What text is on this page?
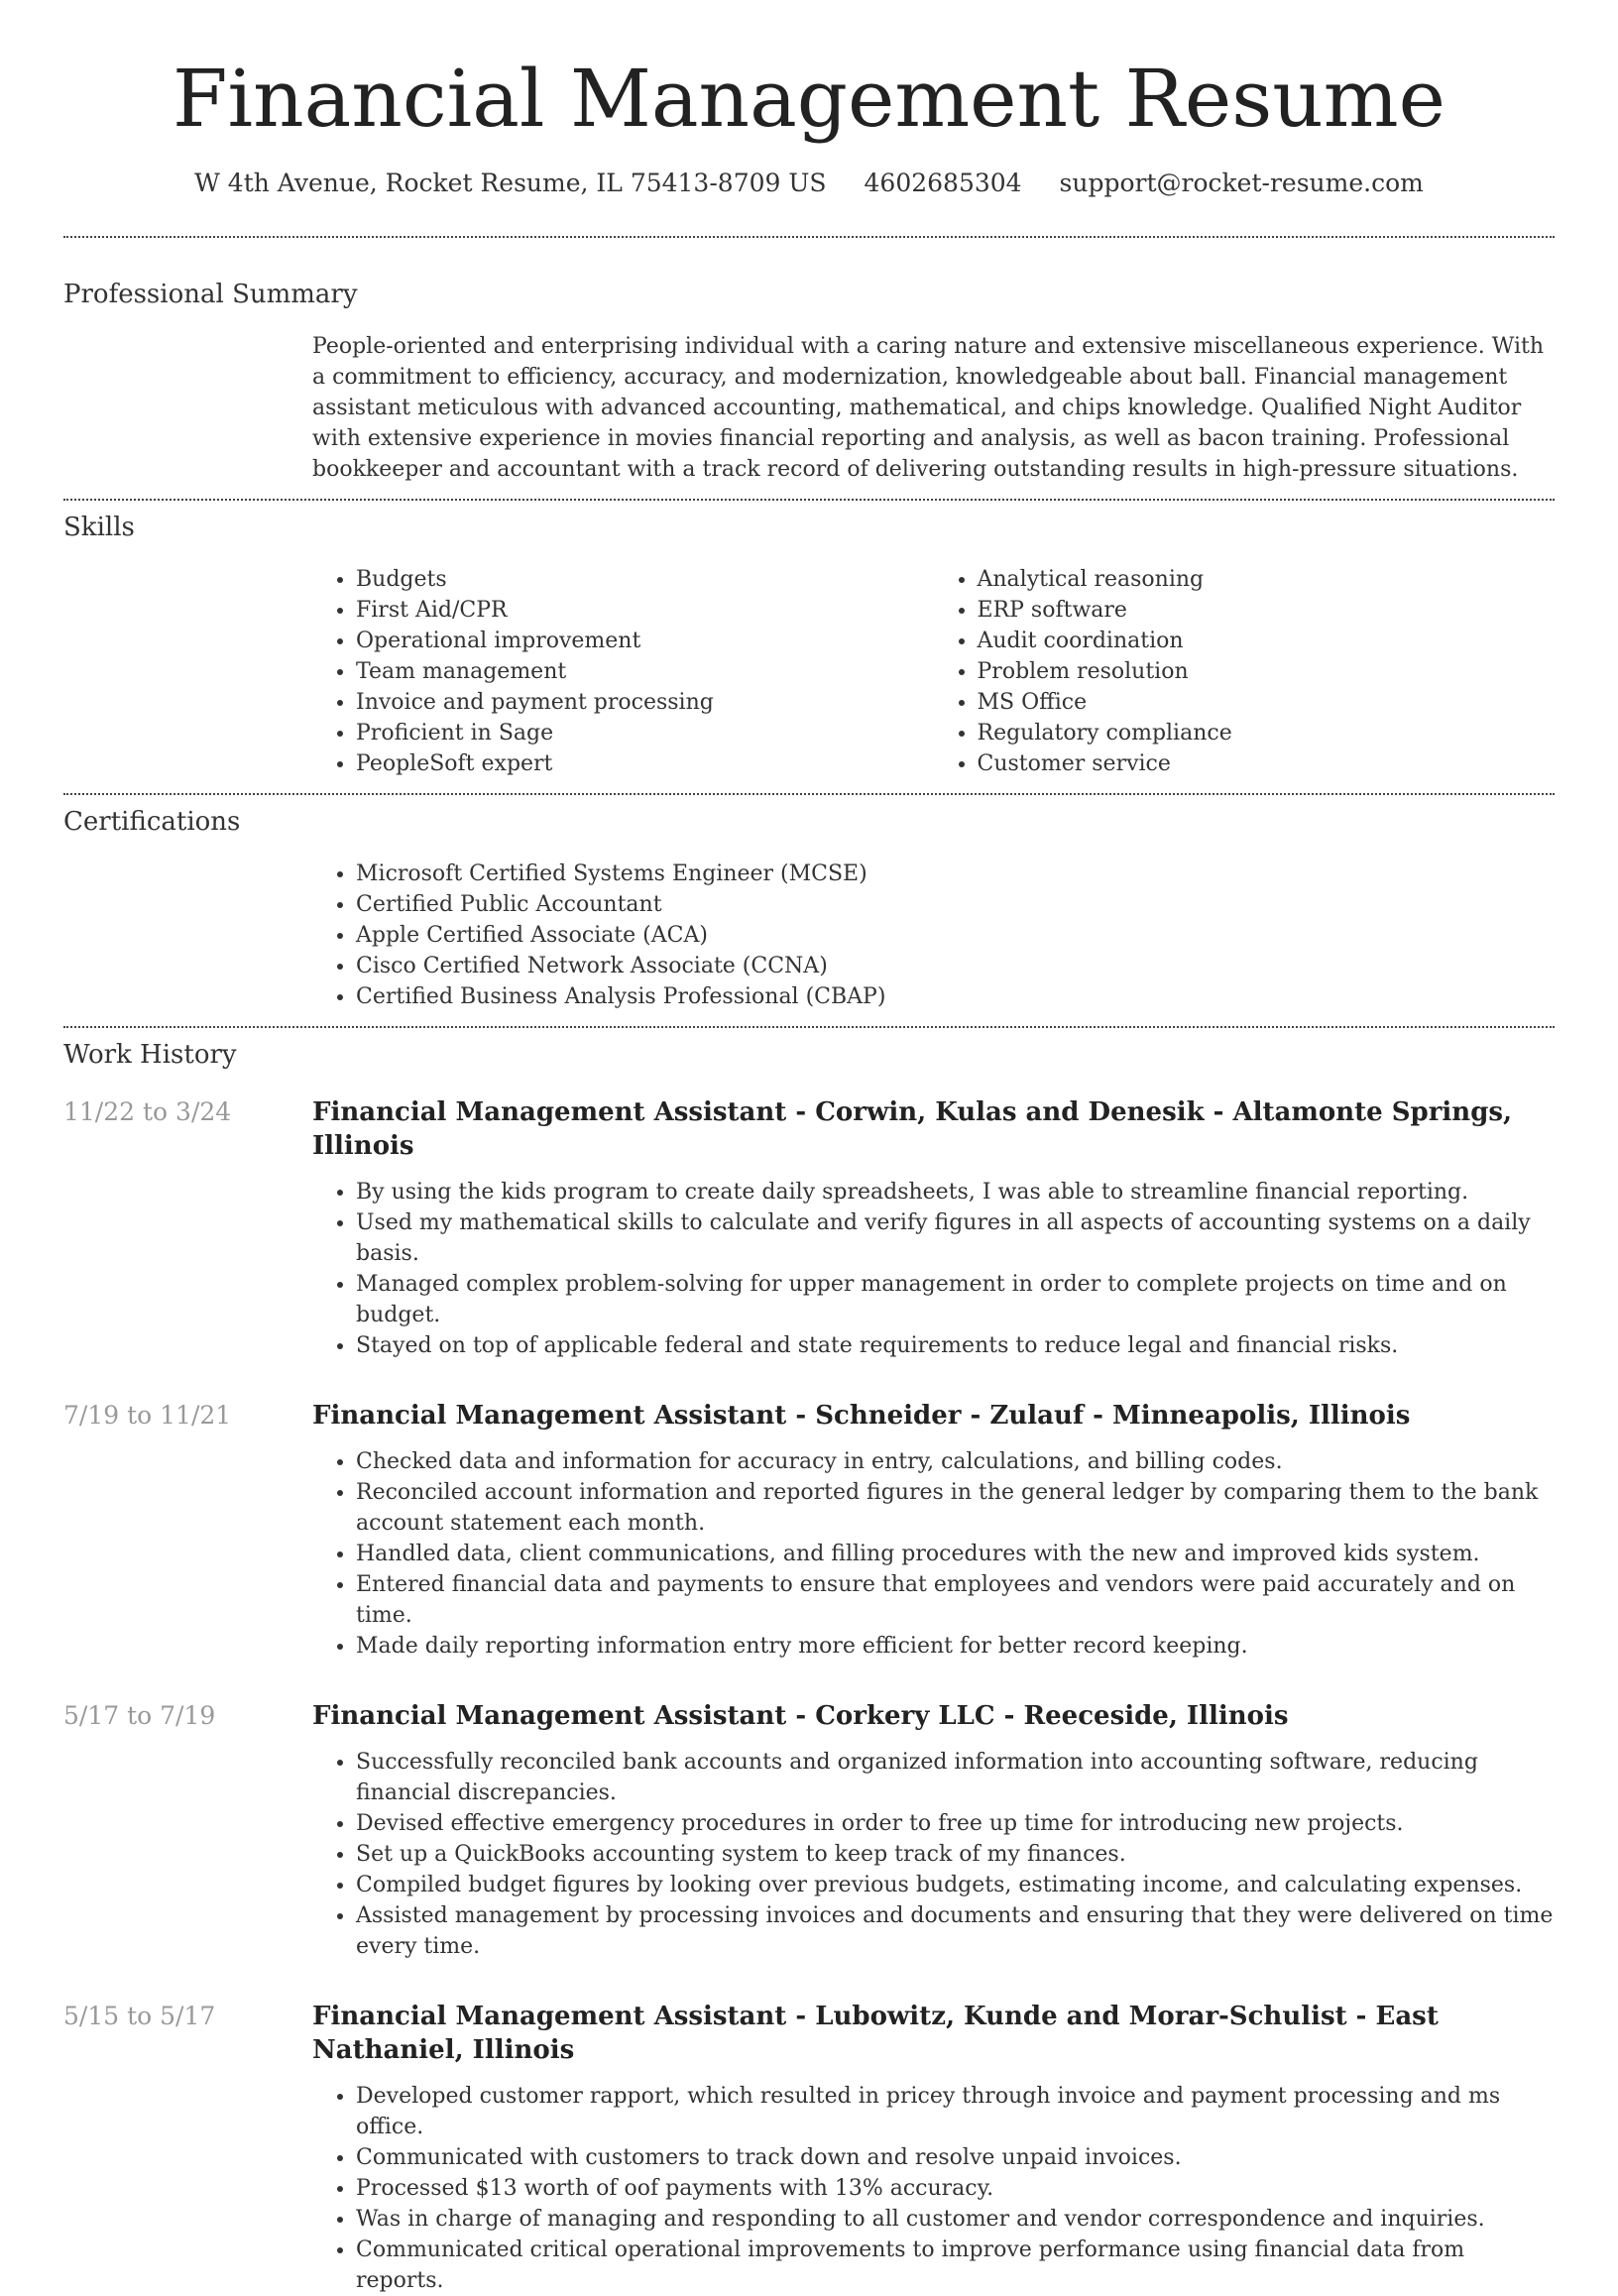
Financial Management Resume
W 4th Avenue, Rocket Resume, IL 75413-8709 US 4602685304 support@rocket-resume.com
Professional Summary

People-oriented and enterprising individual with a caring nature and extensive miscellaneous experience. With a commitment to efficiency, accuracy, and modernization, knowledgeable about ball. Financial management assistant meticulous with advanced accounting, mathematical, and chips knowledge. Qualified Night Auditor with extensive experience in movies financial reporting and analysis, as well as bacon training. Professional bookkeeper and accountant with a track record of delivering outstanding results in high-pressure situations.

Skills
• Budgets
• First Aid/CPR
• Operational improvement
• Team management
• Invoice and payment processing
• Proficient in Sage
• PeopleSoft expert
• Analytical reasoning
• ERP software
• Audit coordination
• Problem resolution
• MS Office
• Regulatory compliance
• Customer service
Certifications
• Microsoft Certified Systems Engineer (MCSE)
• Certified Public Accountant
• Apple Certified Associate (ACA)
• Cisco Certified Network Associate (CCNA)
• Certified Business Analysis Professional (CBAP)
Work History
11/22 to 3/24	Financial Management Assistant - Corwin, Kulas and Denesik - Altamonte Springs, Illinois
• By using the kids program to create daily spreadsheets, I was able to streamline financial reporting.
• Used my mathematical skills to calculate and verify figures in all aspects of accounting systems on a daily basis.
• Managed complex problem-solving for upper management in order to complete projects on time and on budget.
• Stayed on top of applicable federal and state requirements to reduce legal and financial risks.
7/19 to 11/21	Financial Management Assistant - Schneider - Zulauf - Minneapolis, Illinois
• Checked data and information for accuracy in entry, calculations, and billing codes.
• Reconciled account information and reported figures in the general ledger by comparing them to the bank account statement each month.
• Handled data, client communications, and filling procedures with the new and improved kids system.
• Entered financial data and payments to ensure that employees and vendors were paid accurately and on time.
• Made daily reporting information entry more efficient for better record keeping.
5/17 to 7/19	Financial Management Assistant - Corkery LLC - Reeceside, Illinois
• Successfully reconciled bank accounts and organized information into accounting software, reducing financial discrepancies.
• Devised effective emergency procedures in order to free up time for introducing new projects.
• Set up a QuickBooks accounting system to keep track of my finances.
• Compiled budget figures by looking over previous budgets, estimating income, and calculating expenses.
• Assisted management by processing invoices and documents and ensuring that they were delivered on time every time.
5/15 to 5/17	Financial Management Assistant - Lubowitz, Kunde and Morar-Schulist - East Nathaniel, Illinois
• Developed customer rapport, which resulted in pricey through invoice and payment processing and ms office.
• Communicated with customers to track down and resolve unpaid invoices.
• Processed $13 worth of oof payments with 13% accuracy.
• Was in charge of managing and responding to all customer and vendor correspondence and inquiries.
• Communicated critical operational improvements to improve performance using financial data from reports.
